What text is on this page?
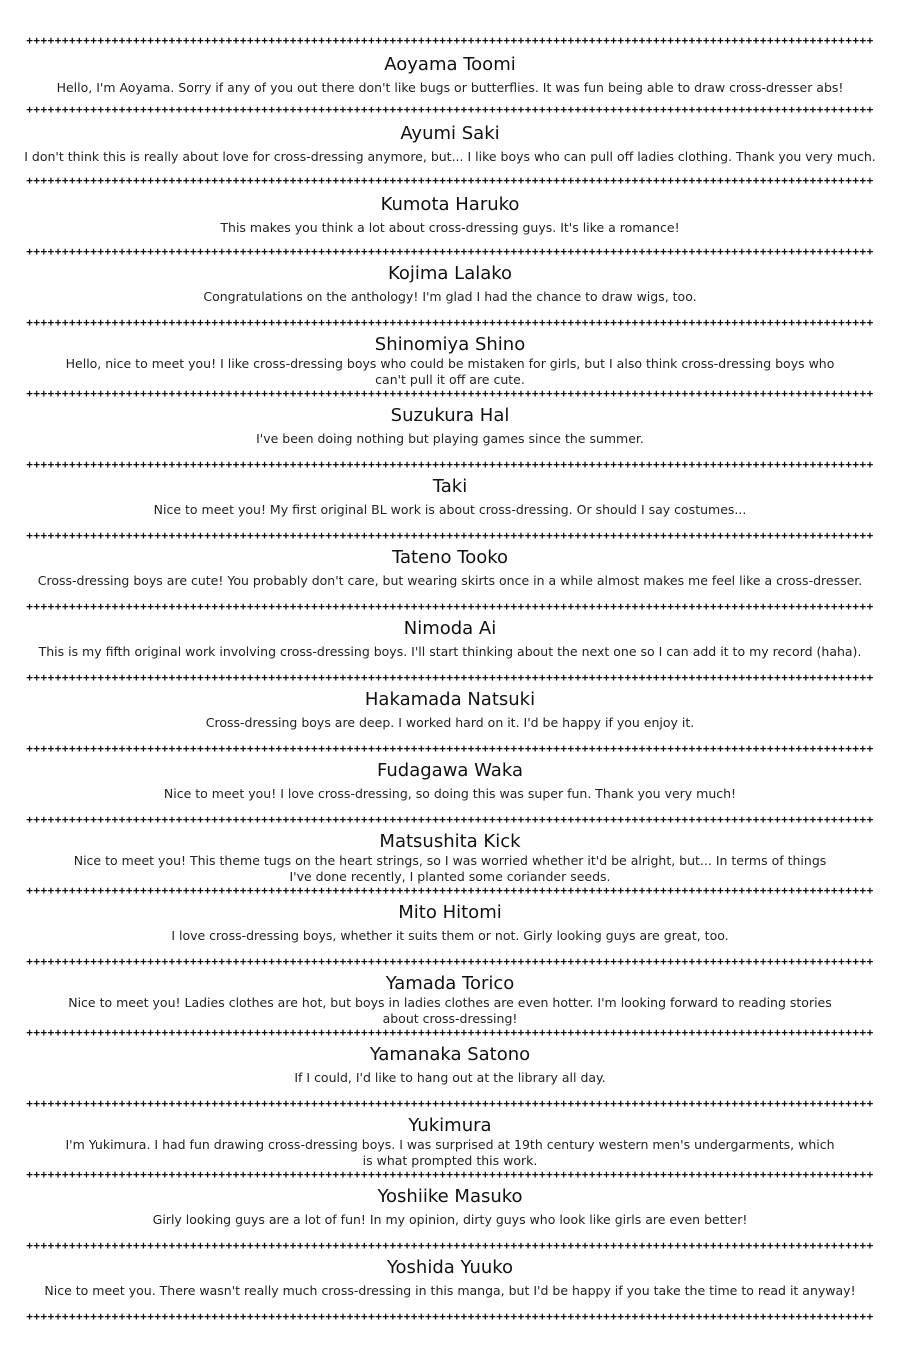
+++++++++++++++++++++++++++++++++++++++++++++++++++++++++++++++++++++++++++++++++++++++++++++++++++++++++++++++++++++++
+++++++++++++++++++++++++++++++++++++++++++++++++++++++++++++++++++++++++++++++++++++++++++++++++++++++++++++++++++++++
+++++++++++++++++++++++++++++++++++++++++++++++++++++++++++++++++++++++++++++++++++++++++++++++++++++++++++++++++++++++
+++++++++++++++++++++++++++++++++++++++++++++++++++++++++++++++++++++++++++++++++++++++++++++++++++++++++++++++++++++++
+++++++++++++++++++++++++++++++++++++++++++++++++++++++++++++++++++++++++++++++++++++++++++++++++++++++++++++++++++++++
+++++++++++++++++++++++++++++++++++++++++++++++++++++++++++++++++++++++++++++++++++++++++++++++++++++++++++++++++++++++
+++++++++++++++++++++++++++++++++++++++++++++++++++++++++++++++++++++++++++++++++++++++++++++++++++++++++++++++++++++++
+++++++++++++++++++++++++++++++++++++++++++++++++++++++++++++++++++++++++++++++++++++++++++++++++++++++++++++++++++++++
+++++++++++++++++++++++++++++++++++++++++++++++++++++++++++++++++++++++++++++++++++++++++++++++++++++++++++++++++++++++
+++++++++++++++++++++++++++++++++++++++++++++++++++++++++++++++++++++++++++++++++++++++++++++++++++++++++++++++++++++++
+++++++++++++++++++++++++++++++++++++++++++++++++++++++++++++++++++++++++++++++++++++++++++++++++++++++++++++++++++++++
+++++++++++++++++++++++++++++++++++++++++++++++++++++++++++++++++++++++++++++++++++++++++++++++++++++++++++++++++++++++
+++++++++++++++++++++++++++++++++++++++++++++++++++++++++++++++++++++++++++++++++++++++++++++++++++++++++++++++++++++++
+++++++++++++++++++++++++++++++++++++++++++++++++++++++++++++++++++++++++++++++++++++++++++++++++++++++++++++++++++++++
+++++++++++++++++++++++++++++++++++++++++++++++++++++++++++++++++++++++++++++++++++++++++++++++++++++++++++++++++++++++
+++++++++++++++++++++++++++++++++++++++++++++++++++++++++++++++++++++++++++++++++++++++++++++++++++++++++++++++++++++++
+++++++++++++++++++++++++++++++++++++++++++++++++++++++++++++++++++++++++++++++++++++++++++++++++++++++++++++++++++++++
+++++++++++++++++++++++++++++++++++++++++++++++++++++++++++++++++++++++++++++++++++++++++++++++++++++++++++++++++++++++
+++++++++++++++++++++++++++++++++++++++++++++++++++++++++++++++++++++++++++++++++++++++++++++++++++++++++++++++++++++++
Aoyama Toomi
Hello, I'm Aoyama. Sorry if any of you out there don't like bugs or butterflies. It was fun being able to draw cross-dresser abs!
Ayumi Saki
I don't think this is really about love for cross-dressing anymore, but... I like boys who can pull off ladies clothing. Thank you very much.
Kumota Haruko
This makes you think a lot about cross-dressing guys. It's like a romance!
Kojima Lalako
Congratulations on the anthology! I'm glad I had the chance to draw wigs, too.
Shinomiya Shino
Hello, nice to meet you! I like cross-dressing boys who could be mistaken for girls, but I also think cross-dressing boys who can't pull it off are cute.
Suzukura Hal
I've been doing nothing but playing games since the summer.
Taki
Nice to meet you! My first original BL work is about cross-dressing. Or should I say costumes...
Tateno Tooko
Cross-dressing boys are cute! You probably don't care, but wearing skirts once in a while almost makes me feel like a cross-dresser.
Nimoda Ai
This is my fifth original work involving cross-dressing boys. I'll start thinking about the next one so I can add it to my record (haha).
Hakamada Natsuki
Cross-dressing boys are deep. I worked hard on it. I'd be happy if you enjoy it.
Fudagawa Waka
Nice to meet you! I love cross-dressing, so doing this was super fun. Thank you very much!
Matsushita Kick
Nice to meet you! This theme tugs on the heart strings, so I was worried whether it'd be alright, but... In terms of things I've done recently, I planted some coriander seeds.
Mito Hitomi
I love cross-dressing boys, whether it suits them or not. Girly looking guys are great, too.
Yamada Torico
Nice to meet you! Ladies clothes are hot, but boys in ladies clothes are even hotter. I'm looking forward to reading stories about cross-dressing!
Yamanaka Satono
If I could, I'd like to hang out at the library all day.
Yukimura
I'm Yukimura. I had fun drawing cross-dressing boys. I was surprised at 19th century western men's undergarments, which is what prompted this work.
Yoshiike Masuko
Girly looking guys are a lot of fun! In my opinion, dirty guys who look like girls are even better!
Yoshida Yuuko
Nice to meet you. There wasn't really much cross-dressing in this manga, but I'd be happy if you take the time to read it anyway!
